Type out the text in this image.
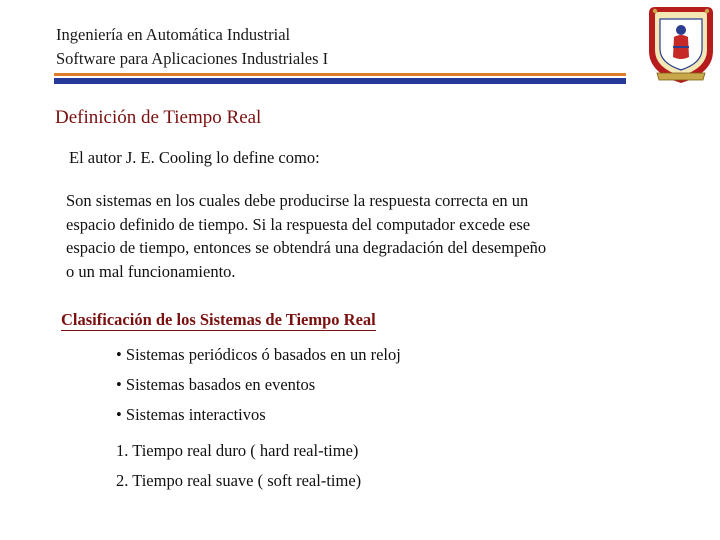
Ingeniería en Automática Industrial
Software para Aplicaciones Industriales I
Definición de Tiempo Real
El autor J. E. Cooling lo define como:

Son sistemas en los cuales debe producirse la respuesta correcta en un
espacio definido de tiempo. Si la respuesta del computador excede ese
espacio de tiempo, entonces se obtendrá una degradación del desempeño
o un mal funcionamiento.

Clasificación de los Sistemas de Tiempo Real
• Sistemas periódicos ó basados en un reloj
• Sistemas basados en eventos
• Sistemas interactivos
1. Tiempo real duro ( hard real-time)
2. Tiempo real suave ( soft real-time)
